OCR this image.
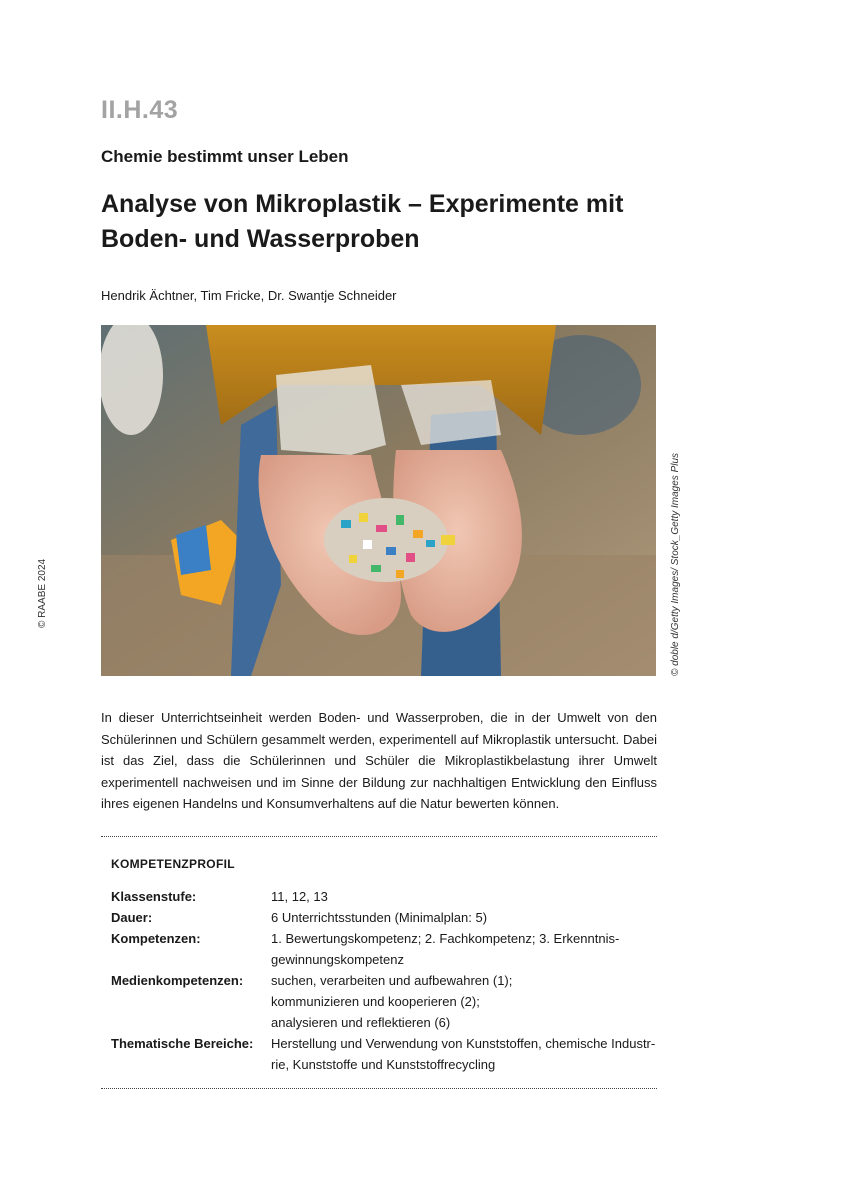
II.H.43
Chemie bestimmt unser Leben
Analyse von Mikroplastik – Experimente mit
Boden- und Wasserproben
Hendrik Ächtner, Tim Fricke, Dr. Swantje Schneider
© doble d/Getty Images/ Stock_Getty Images Plus
© RAABE 2024
In dieser Unterrichtseinheit werden Boden- und Wasserproben, die in der Umwelt von den Schülerinnen und Schülern gesammelt werden, experimentell auf Mikroplastik untersucht. Dabei ist das Ziel, dass die Schülerinnen und Schüler die Mikroplastikbelastung ihrer Umwelt experimentell nachweisen und im Sinne der Bildung zur nachhaltigen Entwicklung den Einfluss ihres eigenen Handelns und Konsumverhaltens auf die Natur bewerten können.
KOMPETENZPROFIL
Klassenstufe:	11, 12, 13
Dauer:	6 Unterrichtsstunden (Minimalplan: 5)
Kompetenzen:	1. Bewertungskompetenz; 2. Fachkompetenz; 3. Erkenntnis-
gewinnungskompetenz
Medienkompetenzen:	suchen, verarbeiten und aufbewahren (1);
kommunizieren und kooperieren (2);
analysieren und reflektieren (6)
Thematische Bereiche:	Herstellung und Verwendung von Kunststoffen, chemische Industr-
rie, Kunststoffe und Kunststoffrecycling
